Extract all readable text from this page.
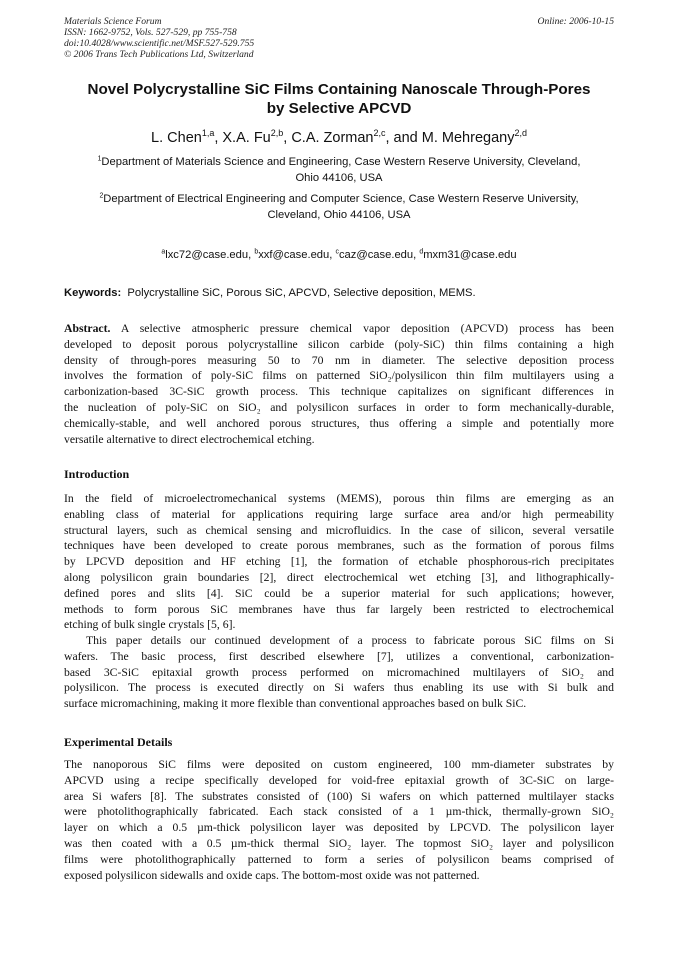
Materials Science Forum
ISSN: 1662-9752, Vols. 527-529, pp 755-758
doi:10.4028/www.scientific.net/MSF.527-529.755
© 2006 Trans Tech Publications Ltd, Switzerland
Online: 2006-10-15
Novel Polycrystalline SiC Films Containing Nanoscale Through-Pores
by Selective APCVD
L. Chen$^{1,a}$, X.A. Fu$^{2,b}$, C.A. Zorman$^{2,c}$, and M. Mehregany$^{2,d}$
$^1$Department of Materials Science and Engineering, Case Western Reserve University, Cleveland,
Ohio 44106, USA
$^2$Department of Electrical Engineering and Computer Science, Case Western Reserve University,
Cleveland, Ohio 44106, USA
$^a$lxc72@case.edu, $^b$xxf@case.edu, $^c$caz@case.edu, $^d$mxm31@case.edu
Keywords: Polycrystalline SiC, Porous SiC, APCVD, Selective deposition, MEMS.
Abstract. A selective atmospheric pressure chemical vapor deposition (APCVD) process has been
developed to deposit porous polycrystalline silicon carbide (poly-SiC) thin films containing a high
density of through-pores measuring 50 to 70 nm in diameter. The selective deposition process
involves the formation of poly-SiC films on patterned SiO₂/polysilicon thin film multilayers using a
carbonization-based 3C-SiC growth process. This technique capitalizes on significant differences in
the nucleation of poly-SiC on SiO₂ and polysilicon surfaces in order to form mechanically-durable,
chemically-stable, and well anchored porous structures, thus offering a simple and potentially more
versatile alternative to direct electrochemical etching.
Introduction
In the field of microelectromechanical systems (MEMS), porous thin films are emerging as an
enabling class of material for applications requiring large surface area and/or high permeability
structural layers, such as chemical sensing and microfluidics. In the case of silicon, several versatile
techniques have been developed to create porous membranes, such as the formation of porous films
by LPCVD deposition and HF etching [1], the formation of etchable phosphorous-rich precipitates
along polysilicon grain boundaries [2], direct electrochemical wet etching [3], and lithographically-
defined pores and slits [4]. SiC could be a superior material for such applications; however,
methods to form porous SiC membranes have thus far largely been restricted to electrochemical
etching of bulk single crystals [5, 6].
This paper details our continued development of a process to fabricate porous SiC films on Si
wafers. The basic process, first described elsewhere [7], utilizes a conventional, carbonization-
based 3C-SiC epitaxial growth process performed on micromachined multilayers of SiO₂ and
polysilicon. The process is executed directly on Si wafers thus enabling its use with Si bulk and
surface micromachining, making it more flexible than conventional approaches based on bulk SiC.
Experimental Details
The nanoporous SiC films were deposited on custom engineered, 100 mm-diameter substrates by
APCVD using a recipe specifically developed for void-free epitaxial growth of 3C-SiC on large-
area Si wafers [8]. The substrates consisted of (100) Si wafers on which patterned multilayer stacks
were photolithographically fabricated. Each stack consisted of a 1 µm-thick, thermally-grown SiO₂
layer on which a 0.5 µm-thick polysilicon layer was deposited by LPCVD. The polysilicon layer
was then coated with a 0.5 µm-thick thermal SiO₂ layer. The topmost SiO₂ layer and polysilicon
films were photolithographically patterned to form a series of polysilicon beams comprised of
exposed polysilicon sidewalls and oxide caps. The bottom-most oxide was not patterned.
